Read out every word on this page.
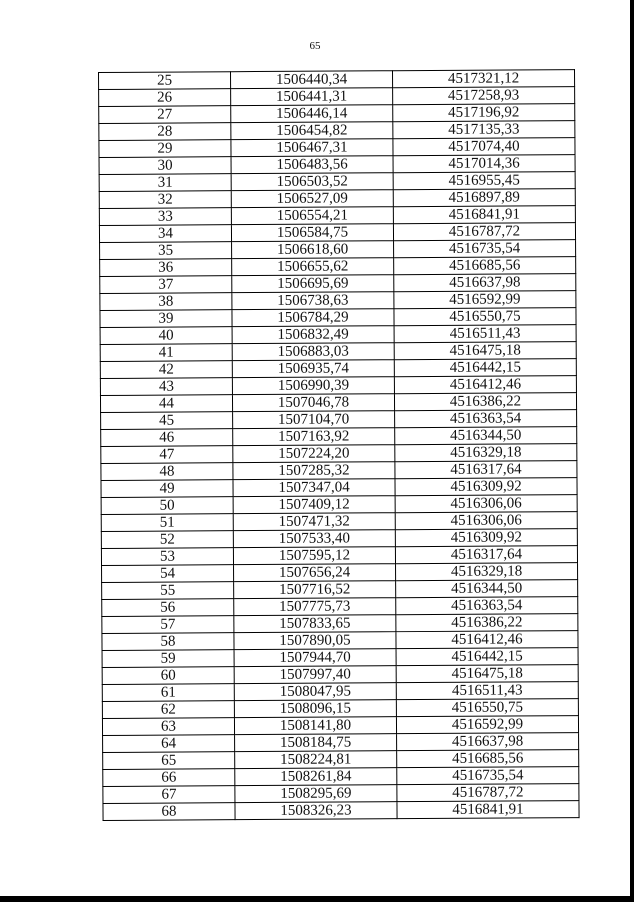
65
25	1506440,34	4517321,12
26	1506441,31	4517258,93
27	1506446,14	4517196,92
28	1506454,82	4517135,33
29	1506467,31	4517074,40
30	1506483,56	4517014,36
31	1506503,52	4516955,45
32	1506527,09	4516897,89
33	1506554,21	4516841,91
34	1506584,75	4516787,72
35	1506618,60	4516735,54
36	1506655,62	4516685,56
37	1506695,69	4516637,98
38	1506738,63	4516592,99
39	1506784,29	4516550,75
40	1506832,49	4516511,43
41	1506883,03	4516475,18
42	1506935,74	4516442,15
43	1506990,39	4516412,46
44	1507046,78	4516386,22
45	1507104,70	4516363,54
46	1507163,92	4516344,50
47	1507224,20	4516329,18
48	1507285,32	4516317,64
49	1507347,04	4516309,92
50	1507409,12	4516306,06
51	1507471,32	4516306,06
52	1507533,40	4516309,92
53	1507595,12	4516317,64
54	1507656,24	4516329,18
55	1507716,52	4516344,50
56	1507775,73	4516363,54
57	1507833,65	4516386,22
58	1507890,05	4516412,46
59	1507944,70	4516442,15
60	1507997,40	4516475,18
61	1508047,95	4516511,43
62	1508096,15	4516550,75
63	1508141,80	4516592,99
64	1508184,75	4516637,98
65	1508224,81	4516685,56
66	1508261,84	4516735,54
67	1508295,69	4516787,72
68	1508326,23	4516841,91
